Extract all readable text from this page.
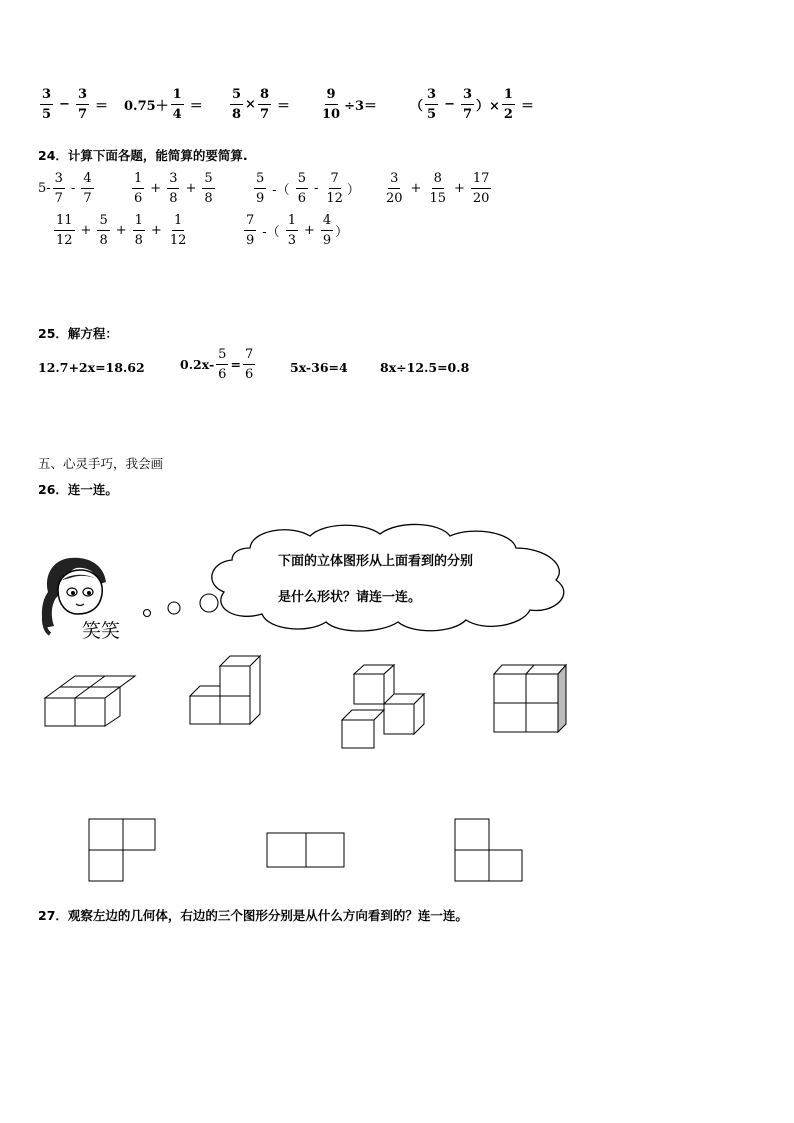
$\frac{3}{5} - \frac{3}{7} = 0.75+ \frac{1}{4} = \frac{5}{8} \times \frac{8}{7} = \frac{9}{10} \div 3=$	（ $\frac{3}{5} - \frac{3}{7}$ ）× $\frac{1}{2}$ ＝
24．计算下面各题，能简算的要简算.
$5- \frac{3}{7} - \frac{4}{7}$	$\frac{1}{6} + \frac{3}{8} + \frac{5}{8}$	$\frac{5}{9}$ -（ $\frac{5}{6} - \frac{7}{12}$ ） $\frac{3}{20} + \frac{8}{15} + \frac{17}{20}$
$\frac{11}{12} + \frac{5}{8} + \frac{1}{8} + \frac{1}{12}$	$\frac{7}{9}$ -（ $\frac{1}{3} + \frac{4}{9}$ ）
25．解方程：
12.7+2x=18.62	$0.2x- \frac{5}{6} = \frac{7}{6}$	5x-36=4	8x÷12.5=0.8
五、心灵手巧，我会画
26．连一连。
笑笑
下面的立体图形从上面看到的分别
是什么形状？请连一连。
27．观察左边的几何体，右边的三个图形分别是从什么方向看到的？连一连。
